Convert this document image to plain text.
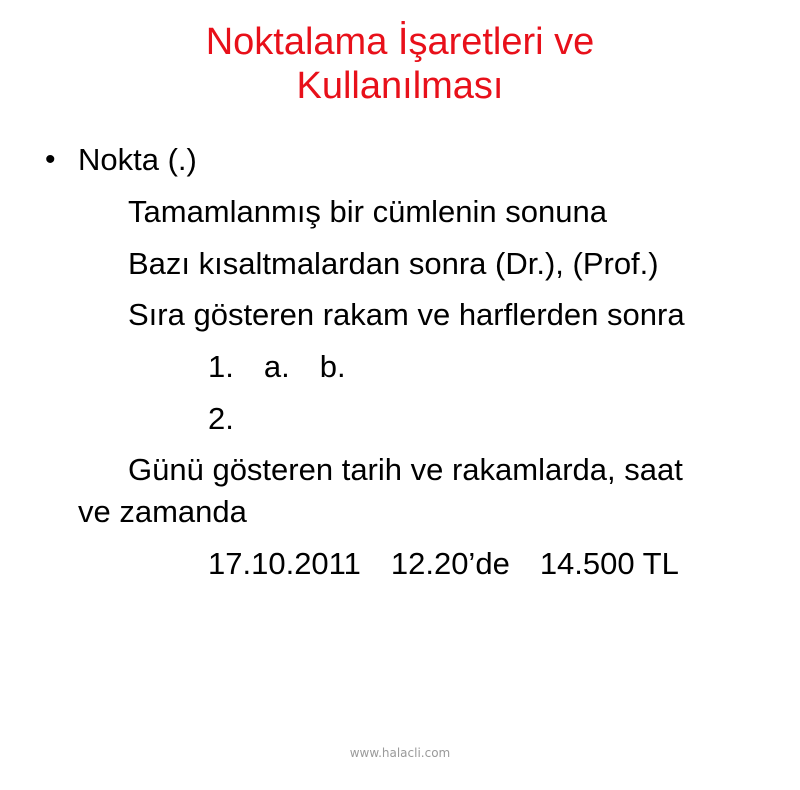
Noktalama İşaretleri ve
Kullanılması
• Nokta (.)
Tamamlanmış bir cümlenin sonuna
Bazı kısaltmalardan sonra (Dr.), (Prof.)
Sıra gösteren rakam ve harflerden sonra
1. a. b.
2.
Günü gösteren tarih ve rakamlarda, saat
ve zamanda
17.10.2011 12.20’de 14.500 TL
www.halacli.com
